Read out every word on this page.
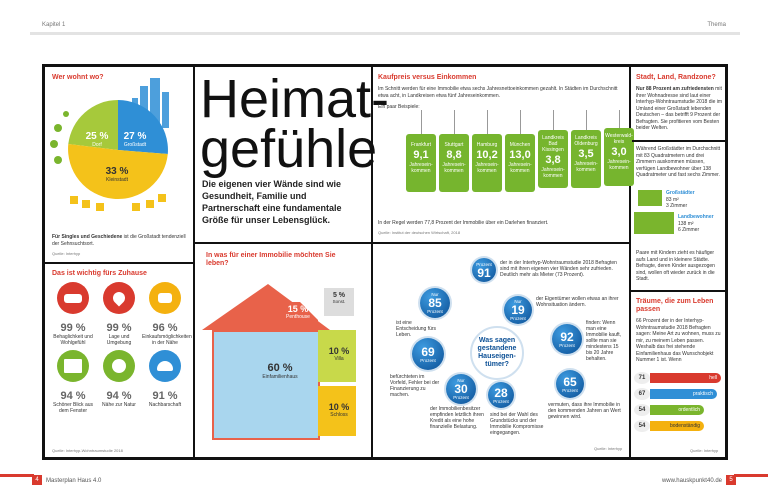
Kapitel 1	Thema
Wer wohnt wo?
25 %
Dorf
27 %
Großstadt
33 %
Kleinstadt
Für Singles und Geschiedene ist die Großstadt tendenziell der Sehnsuchtsort.
Quelle: Interhyp
Das ist wichtig fürs Zuhause
99 %
Behaglichkeit und Wohlgefühl
99 %
Lage und Umgebung
96 %
Einkaufsmöglichkeiten in der Nähe
94 %
Schöner Blick aus dem Fenster
94 %
Nähe zur Natur
91 %
Nachbarschaft
Quelle: Interhyp-Wohntraumstudie 2018
Heimat-
gefühle
Die eigenen vier Wände sind wie Gesundheit, Familie und Partnerschaft eine fundamentale Größe für unser Lebensglück.
Kaufpreis versus Einkommen
Im Schnitt werden für eine Immobilie etwa sechs Jahresnettoeinkommen gezahlt. In Städten im Durchschnitt etwa acht, in Landkreisen etwa fünf Jahreseinkommen.
Ein paar Beispiele:
Frankfurt
9,1
Jahresein-kommen
Stuttgart
8,8
Jahresein-kommen
Hamburg
10,2
Jahresein-kommen
München
13,0
Jahresein-kommen
Landkreis Bad Kissingen
3,8
Jahresein-kommen
Landkreis Oldenburg
3,5
Jahresein-kommen
Westerwald-kreis
3,0
Jahresein-kommen
In der Regel werden 77,8 Prozent der Immobilie über ein Darlehen finanziert.
Quelle: Institut der deutschen Wirtschaft, 2018
In was für einer Immobilie möchten Sie leben?
60 %
Einfamilienhaus
15 %
Penthouse
5 %
Sonst.
10 %
Villa
10 %
Schloss
Was sagen gestandene Hauseigen-tümer?
Prozent
91
der in der Interhyp-Wohntraumstudie 2018 Befragten sind mit ihren eigenen vier Wänden sehr zufrieden. Deutlich mehr als Mieter (73 Prozent).
Nur
85
Prozent
ist eine Entscheidung fürs Leben.
Nur
19
Prozent
der Eigentümer wollen etwas an ihrer Wohnsituation ändern.
69
Prozent
befürchteten im Vorfeld, Fehler bei der Finanzierung zu machen.
Nur
30
Prozent
der Immobilienbesitzer empfinden letztlich ihren Kredit als eine hohe finanzielle Belastung.
92
Prozent
finden: Wenn man eine Immobilie kauft, sollte man sie mindestens 15 bis 20 Jahre behalten.
28
Prozent
sind bei der Wahl des Grundstücks und der Immobilie Kompromisse eingegangen.
65
Prozent
vermuten, dass ihre Immobilie in den kommenden Jahren an Wert gewinnen wird.
Quelle: Interhyp
Stadt, Land, Randzone?
Nur 88 Prozent am zufriedensten mit ihrer Wohnadresse sind laut einer Interhyp-Wohntraumstudie 2018 die im Umland einer Großstadt lebenden Deutschen – das betrifft 9 Prozent der Befragten. Sie profitieren vom Besten beider Welten.
Während Großstädter im Durchschnitt mit 83 Quadratmetern und drei Zimmern auskommen müssen, verfügen Landbewohner über 138 Quadratmeter und fast sechs Zimmer.
Großstädter
83 m²
3 Zimmer
Landbewohner
138 m²
6 Zimmer
Paare mit Kindern zieht es häufiger aufs Land und in kleinere Städte. Befragte, deren Kinder ausgezogen sind, wollen oft wieder zurück in die Stadt.
Träume, die zum Leben passen
66 Prozent der in der Interhyp-Wohntraumstudie 2018 Befragten sagen: Meine Art zu wohnen, muss zu mir, zu meinem Leben passen. Weshalb das frei stehende Einfamilienhaus das Wunschobjekt Nummer 1 ist. Wenn
71	hell
67	praktisch
54	ordentlich
54	bodenständig
Quelle: Interhyp
4	Masterplan Haus 4.0	www.hauskpunkt40.de	5
